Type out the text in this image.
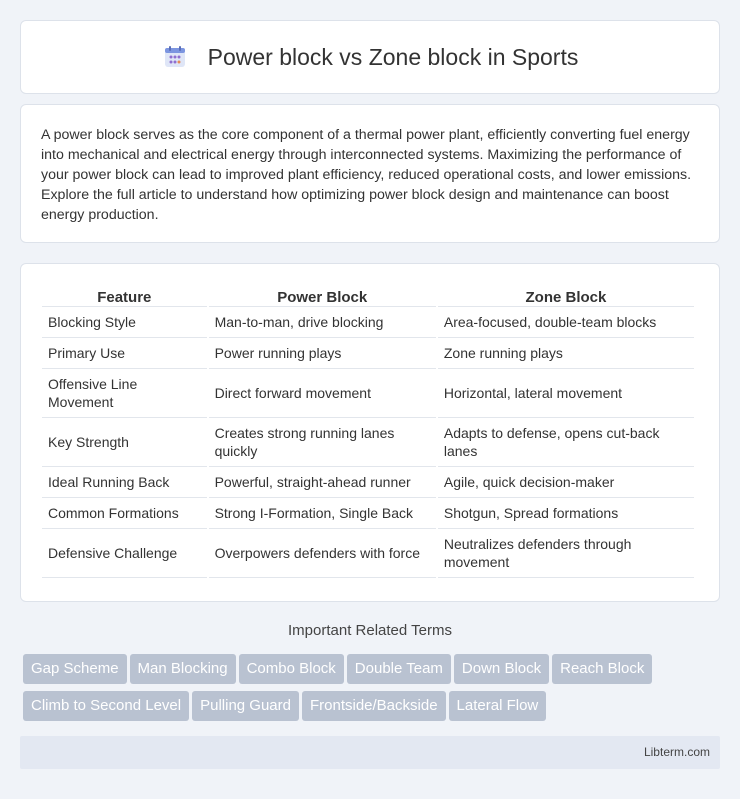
Power block vs Zone block in Sports

A power block serves as the core component of a thermal power plant, efficiently converting fuel energy into mechanical and electrical energy through interconnected systems. Maximizing the performance of your power block can lead to improved plant efficiency, reduced operational costs, and lower emissions. Explore the full article to understand how optimizing power block design and maintenance can boost energy production.

Feature	Power Block	Zone Block
Blocking Style	Man-to-man, drive blocking	Area-focused, double-team blocks
Primary Use	Power running plays	Zone running plays
Offensive Line Movement	Direct forward movement	Horizontal, lateral movement
Key Strength	Creates strong running lanes quickly	Adapts to defense, opens cut-back lanes
Ideal Running Back	Powerful, straight-ahead runner	Agile, quick decision-maker
Common Formations	Strong I-Formation, Single Back	Shotgun, Spread formations
Defensive Challenge	Overpowers defenders with force	Neutralizes defenders through movement
Important Related Terms
Gap Scheme Man Blocking Combo Block Double Team Down Block Reach BlockClimb to Second Level Pulling Guard Frontside/Backside Lateral Flow
Libterm.com
